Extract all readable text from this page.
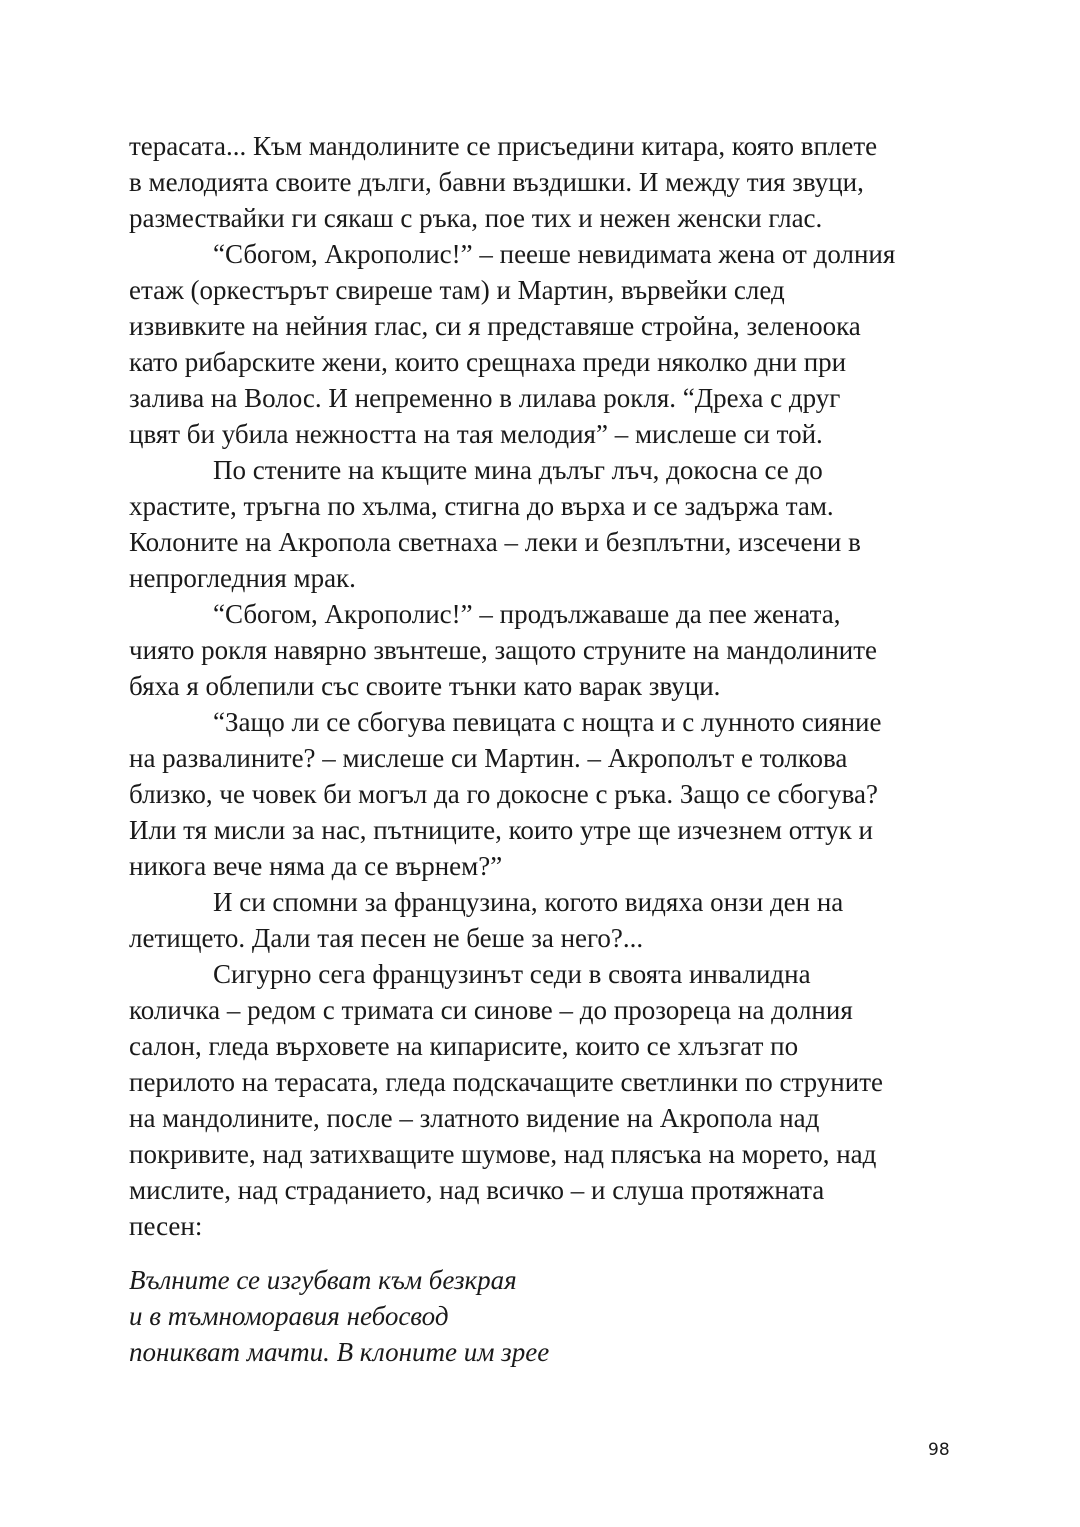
терасата... Към мандолините се присъедини китара, която вплете
в мелодията своите дълги, бавни въздишки. И между тия звуци,
размествайки ги сякаш с ръка, пое тих и нежен женски глас.
“Сбогом, Акрополис!” – пееше невидимата жена от долния
етаж (оркестърът свиреше там) и Мартин, вървейки след
извивките на нейния глас, си я представяше стройна, зеленоока
като рибарските жени, които срещнаха преди няколко дни при
залива на Волос. И непременно в лилава рокля. “Дреха с друг
цвят би убила нежността на тая мелодия” – мислеше си той.
По стените на къщите мина дълъг лъч, докосна се до
храстите, тръгна по хълма, стигна до върха и се задържа там.
Колоните на Акропола светнаха – леки и безплътни, изсечени в
непрогледния мрак.
“Сбогом, Акрополис!” – продължаваше да пее жената,
чиято рокля навярно звънтеше, защото струните на мандолините
бяха я облепили със своите тънки като варак звуци.
“Защо ли се сбогува певицата с нощта и с лунното сияние
на развалините? – мислеше си Мартин. – Акрополът е толкова
близко, че човек би могъл да го докосне с ръка. Защо се сбогува?
Или тя мисли за нас, пътниците, които утре ще изчезнем оттук и
никога вече няма да се върнем?”
И си спомни за французина, когото видяха онзи ден на
летището. Дали тая песен не беше за него?...
Сигурно сега французинът седи в своята инвалидна
количка – редом с тримата си синове – до прозореца на долния
салон, гледа върховете на кипарисите, които се хлъзгат по
перилото на терасата, гледа подскачащите светлинки по струните
на мандолините, после – златното видение на Акропола над
покривите, над затихващите шумове, над плясъка на морето, над
мислите, над страданието, над всичко – и слуша протяжната
песен:
Вълните се изгубват към безкрая
и в тъмноморавия небосвод
поникват мачти. В клоните им зрее
98
